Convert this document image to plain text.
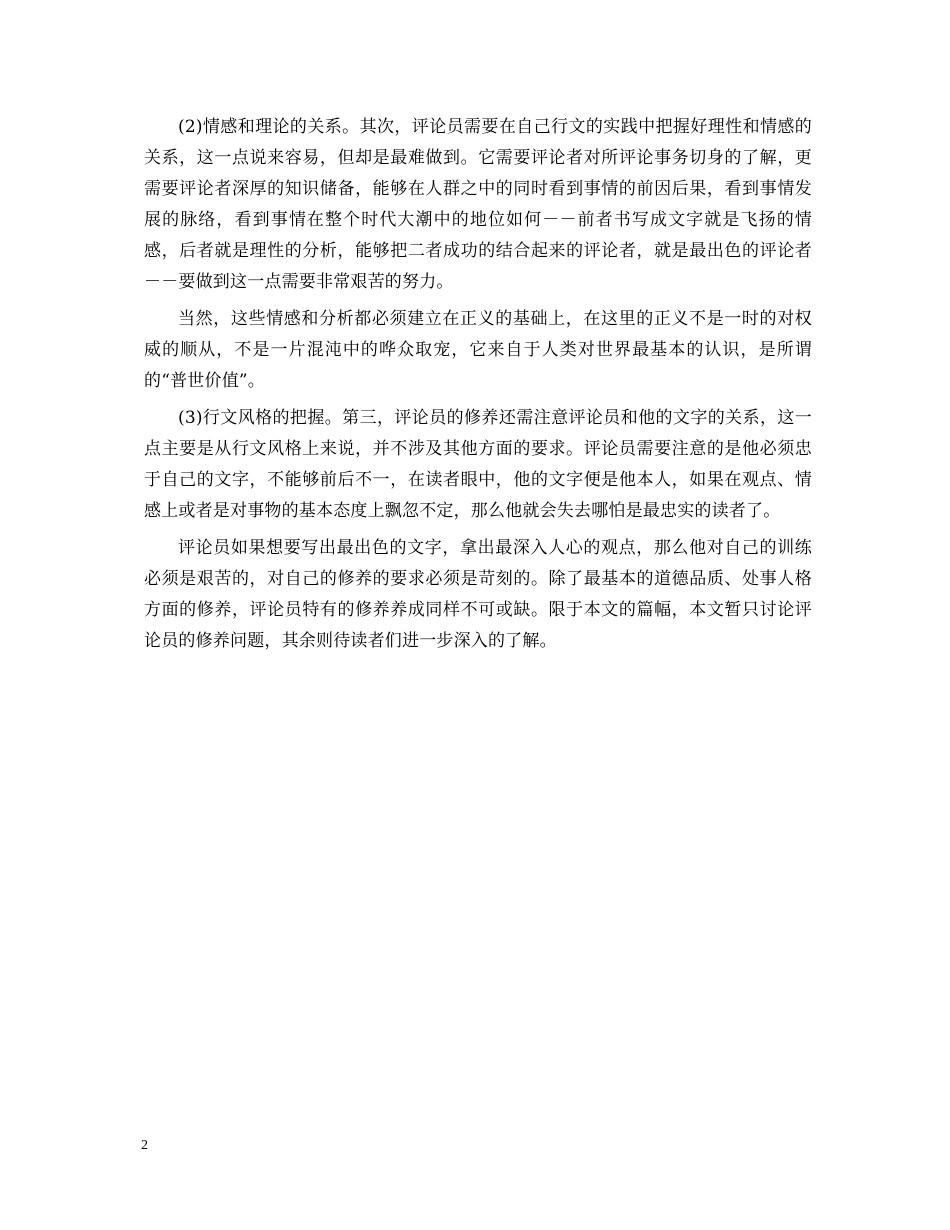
(2)情感和理论的关系。其次，评论员需要在自己行文的实践中把握好理性和情感的关系，这一点说来容易，但却是最难做到。它需要评论者对所评论事务切身的了解，更需要评论者深厚的知识储备，能够在人群之中的同时看到事情的前因后果，看到事情发展的脉络，看到事情在整个时代大潮中的地位如何－－前者书写成文字就是飞扬的情感，后者就是理性的分析，能够把二者成功的结合起来的评论者，就是最出色的评论者－－要做到这一点需要非常艰苦的努力。

当然，这些情感和分析都必须建立在正义的基础上，在这里的正义不是一时的对权威的顺从，不是一片混沌中的哗众取宠，它来自于人类对世界最基本的认识，是所谓的“普世价值”。

(3)行文风格的把握。第三，评论员的修养还需注意评论员和他的文字的关系，这一点主要是从行文风格上来说，并不涉及其他方面的要求。评论员需要注意的是他必须忠于自己的文字，不能够前后不一，在读者眼中，他的文字便是他本人，如果在观点、情感上或者是对事物的基本态度上飘忽不定，那么他就会失去哪怕是最忠实的读者了。

评论员如果想要写出最出色的文字，拿出最深入人心的观点，那么他对自己的训练必须是艰苦的，对自己的修养的要求必须是苛刻的。除了最基本的道德品质、处事人格方面的修养，评论员特有的修养养成同样不可或缺。限于本文的篇幅，本文暂只讨论评论员的修养问题，其余则待读者们进一步深入的了解。

2
